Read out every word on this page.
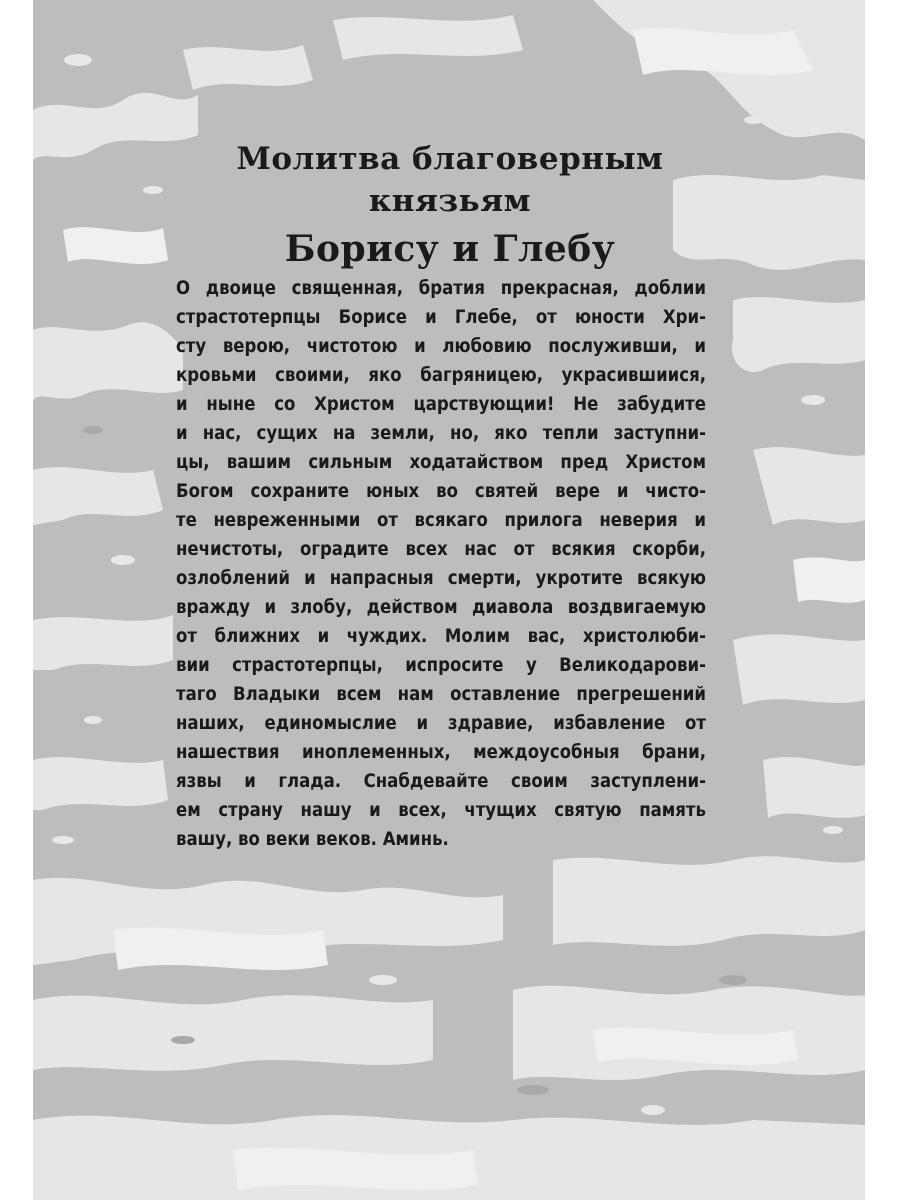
Молитва благоверным
князьям
Борису и Глебу
О двоице священная, братия прекрасная, доблии
страстотерпцы Борисе и Глебе, от юности Хри-
сту верою, чистотою и любовию послуживши, и
кровьми своими, яко багряницею, украсившиися,
и ныне со Христом царствующии! Не забудите
и нас, сущих на земли, но, яко тепли заступни-
цы, вашим сильным ходатайством пред Христом
Богом сохраните юных во святей вере и чисто-
те невреженными от всякаго прилога неверия и
нечистоты, оградите всех нас от всякия скорби,
озлоблений и напрасныя смерти, укротите всякую
вражду и злобу, действом диавола воздвигаемую
от ближних и чуждих. Молим вас, христолюби-
вии страстотерпцы, испросите у Великодарови-
таго Владыки всем нам оставление прегрешений
наших, единомыслие и здравие, избавление от
нашествия иноплеменных, междоусобныя брани,
язвы и глада. Снабдевайте своим заступлени-
ем страну нашу и всех, чтущих святую память
вашу, во веки веков. Аминь.
